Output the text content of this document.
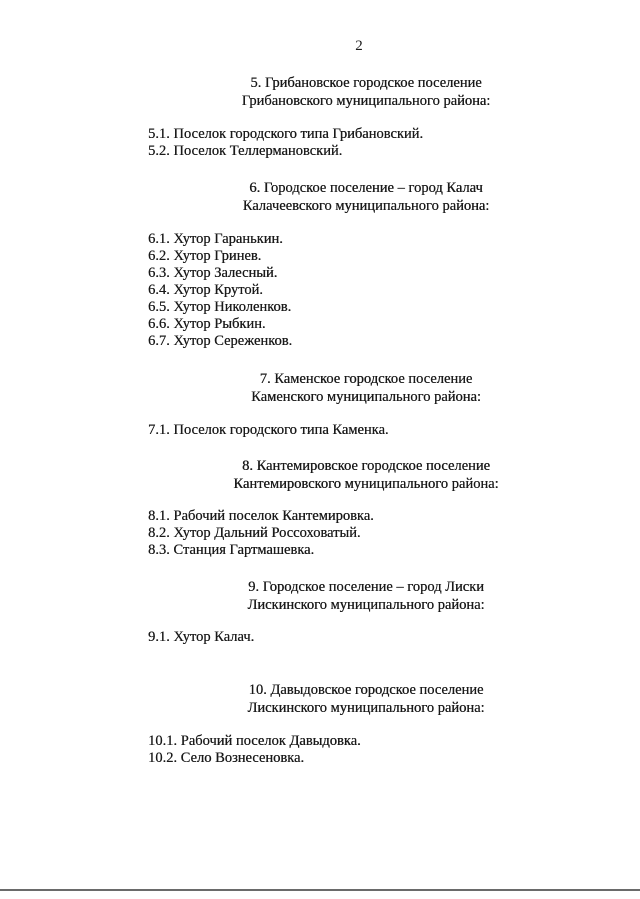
2
5. Грибановское городское поселение
Грибановского муниципального района:
5.1. Поселок городского типа Грибановский.
5.2. Поселок Теллермановский.
6. Городское поселение – город Калач
Калачеевского муниципального района:
6.1. Хутор Гаранькин.
6.2. Хутор Гринев.
6.3. Хутор Залесный.
6.4. Хутор Крутой.
6.5. Хутор Николенков.
6.6. Хутор Рыбкин.
6.7. Хутор Сереженков.
7. Каменское городское поселение
Каменского муниципального района:
7.1. Поселок городского типа Каменка.
8. Кантемировское городское поселение
Кантемировского муниципального района:
8.1. Рабочий поселок Кантемировка.
8.2. Хутор Дальний Россоховатый.
8.3. Станция Гартмашевка.
9. Городское поселение – город Лиски
Лискинского муниципального района:
9.1. Хутор Калач.
10. Давыдовское городское поселение
Лискинского муниципального района:
10.1. Рабочий поселок Давыдовка.
10.2. Село Вознесеновка.
